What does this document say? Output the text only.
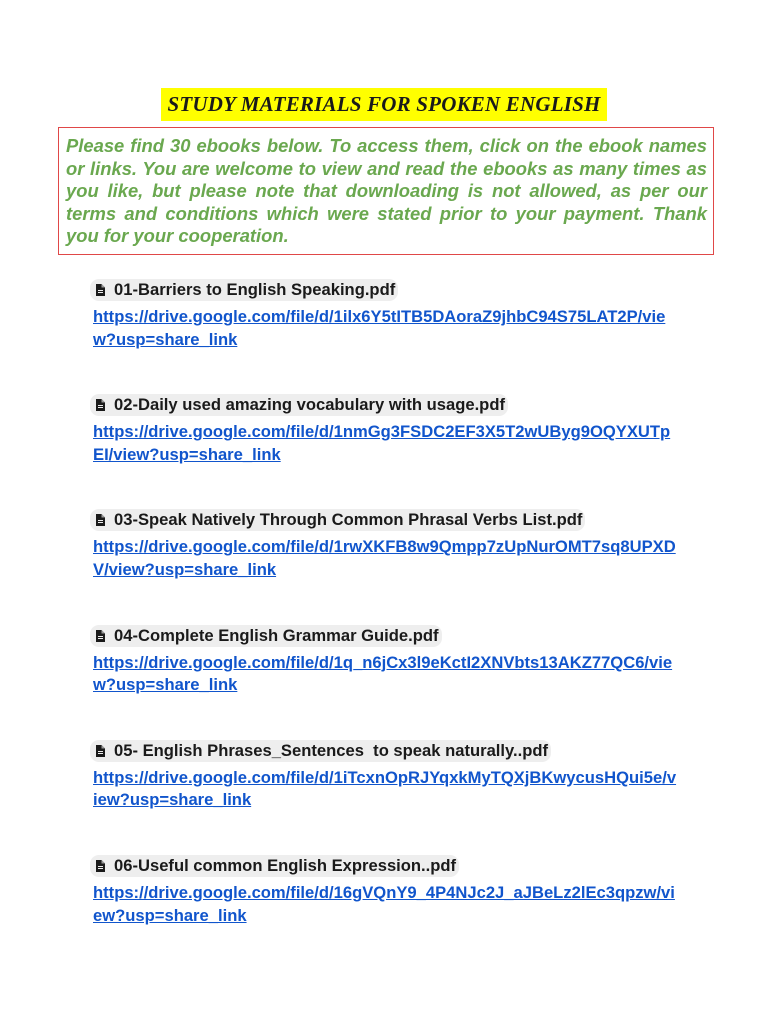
STUDY MATERIALS FOR SPOKEN ENGLISH
Please find 30 ebooks below. To access them, click on the ebook names or links. You are welcome to view and read the ebooks as many times as you like, but please note that downloading is not allowed, as per our terms and conditions which were stated prior to your payment. Thank you for your cooperation.
01-Barriers to English Speaking.pdf
https://drive.google.com/file/d/1ilx6Y5tITB5DAoraZ9jhbC94S75LAT2P/view?usp=share_link
02-Daily used amazing vocabulary with usage.pdf
https://drive.google.com/file/d/1nmGg3FSDC2EF3X5T2wUByg9OQYXUTpEI/view?usp=share_link
03-Speak Natively Through Common Phrasal Verbs List.pdf
https://drive.google.com/file/d/1rwXKFB8w9Qmpp7zUpNurOMT7sq8UPXDV/view?usp=share_link
04-Complete English Grammar Guide.pdf
https://drive.google.com/file/d/1q_n6jCx3l9eKctI2XNVbts13AKZ77QC6/view?usp=share_link
05- English Phrases_Sentences  to speak naturally..pdf
https://drive.google.com/file/d/1iTcxnOpRJYqxkMyTQXjBKwycusHQui5e/view?usp=share_link
06-Useful common English Expression..pdf
https://drive.google.com/file/d/16gVQnY9_4P4NJc2J_aJBeLz2lEc3qpzw/view?usp=share_link
